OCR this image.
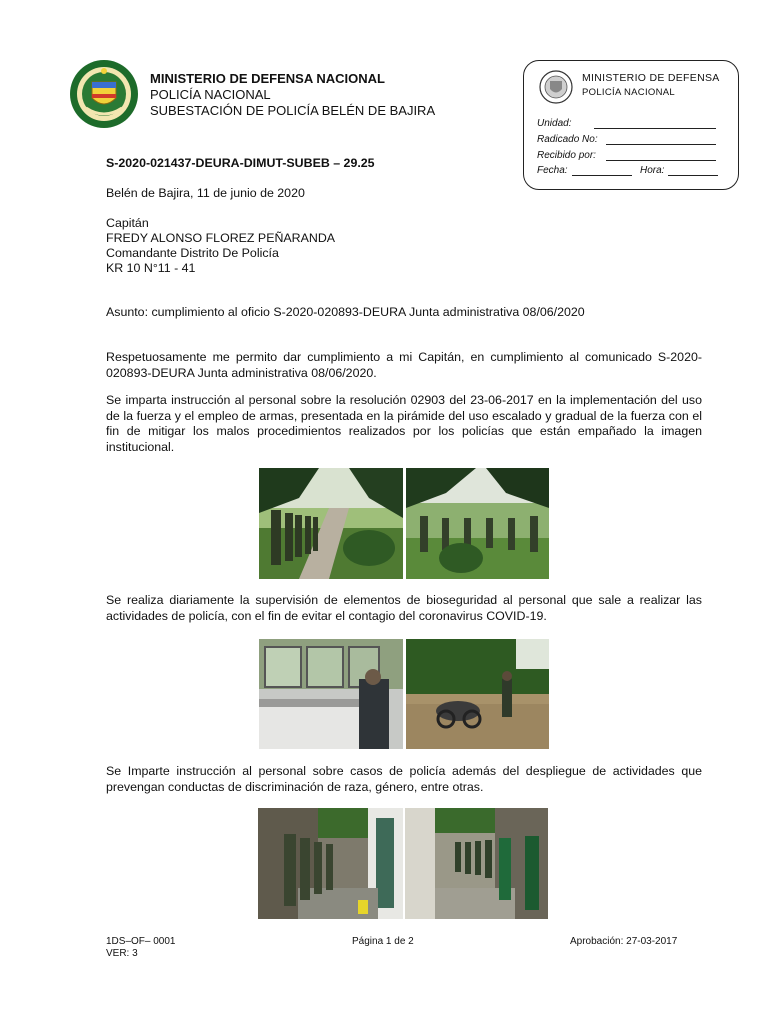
MINISTERIO DE DEFENSA NACIONAL
POLICÍA NACIONAL
SUBESTACIÓN DE POLICÍA BELÉN DE BAJIRA
MINISTERIO DE DEFENSA
POLICÍA NACIONAL
Unidad:
Radicado No:
Recibido por:
Fecha:	Hora:
S-2020-021437-DEURA-DIMUT-SUBEB – 29.25
Belén de Bajira, 11 de junio de 2020
Capitán
FREDY ALONSO FLOREZ PEÑARANDA
Comandante Distrito De Policía
KR 10 N°11 - 41
Asunto: cumplimiento al oficio S-2020-020893-DEURA Junta administrativa 08/06/2020

Respetuosamente me permito dar cumplimiento a mi Capitán, en cumplimiento al comunicado S-2020-020893-DEURA Junta administrativa 08/06/2020.

Se imparta instrucción al personal sobre la resolución 02903 del 23-06-2017 en la implementación del uso de la fuerza y el empleo de armas, presentada en la pirámide del uso escalado y gradual de la fuerza con el fin de mitigar los malos procedimientos realizados por los policías que están empañado la imagen institucional.

Se realiza diariamente la supervisión de elementos de bioseguridad al personal que sale a realizar las actividades de policía, con el fin de evitar el contagio del coronavirus COVID-19.

Se Imparte instrucción al personal sobre casos de policía además del despliegue de actividades que prevengan conductas de discriminación de raza, género, entre otras.

1DS–OF– 0001
VER: 3
Página 1 de 2	Aprobación: 27-03-2017
